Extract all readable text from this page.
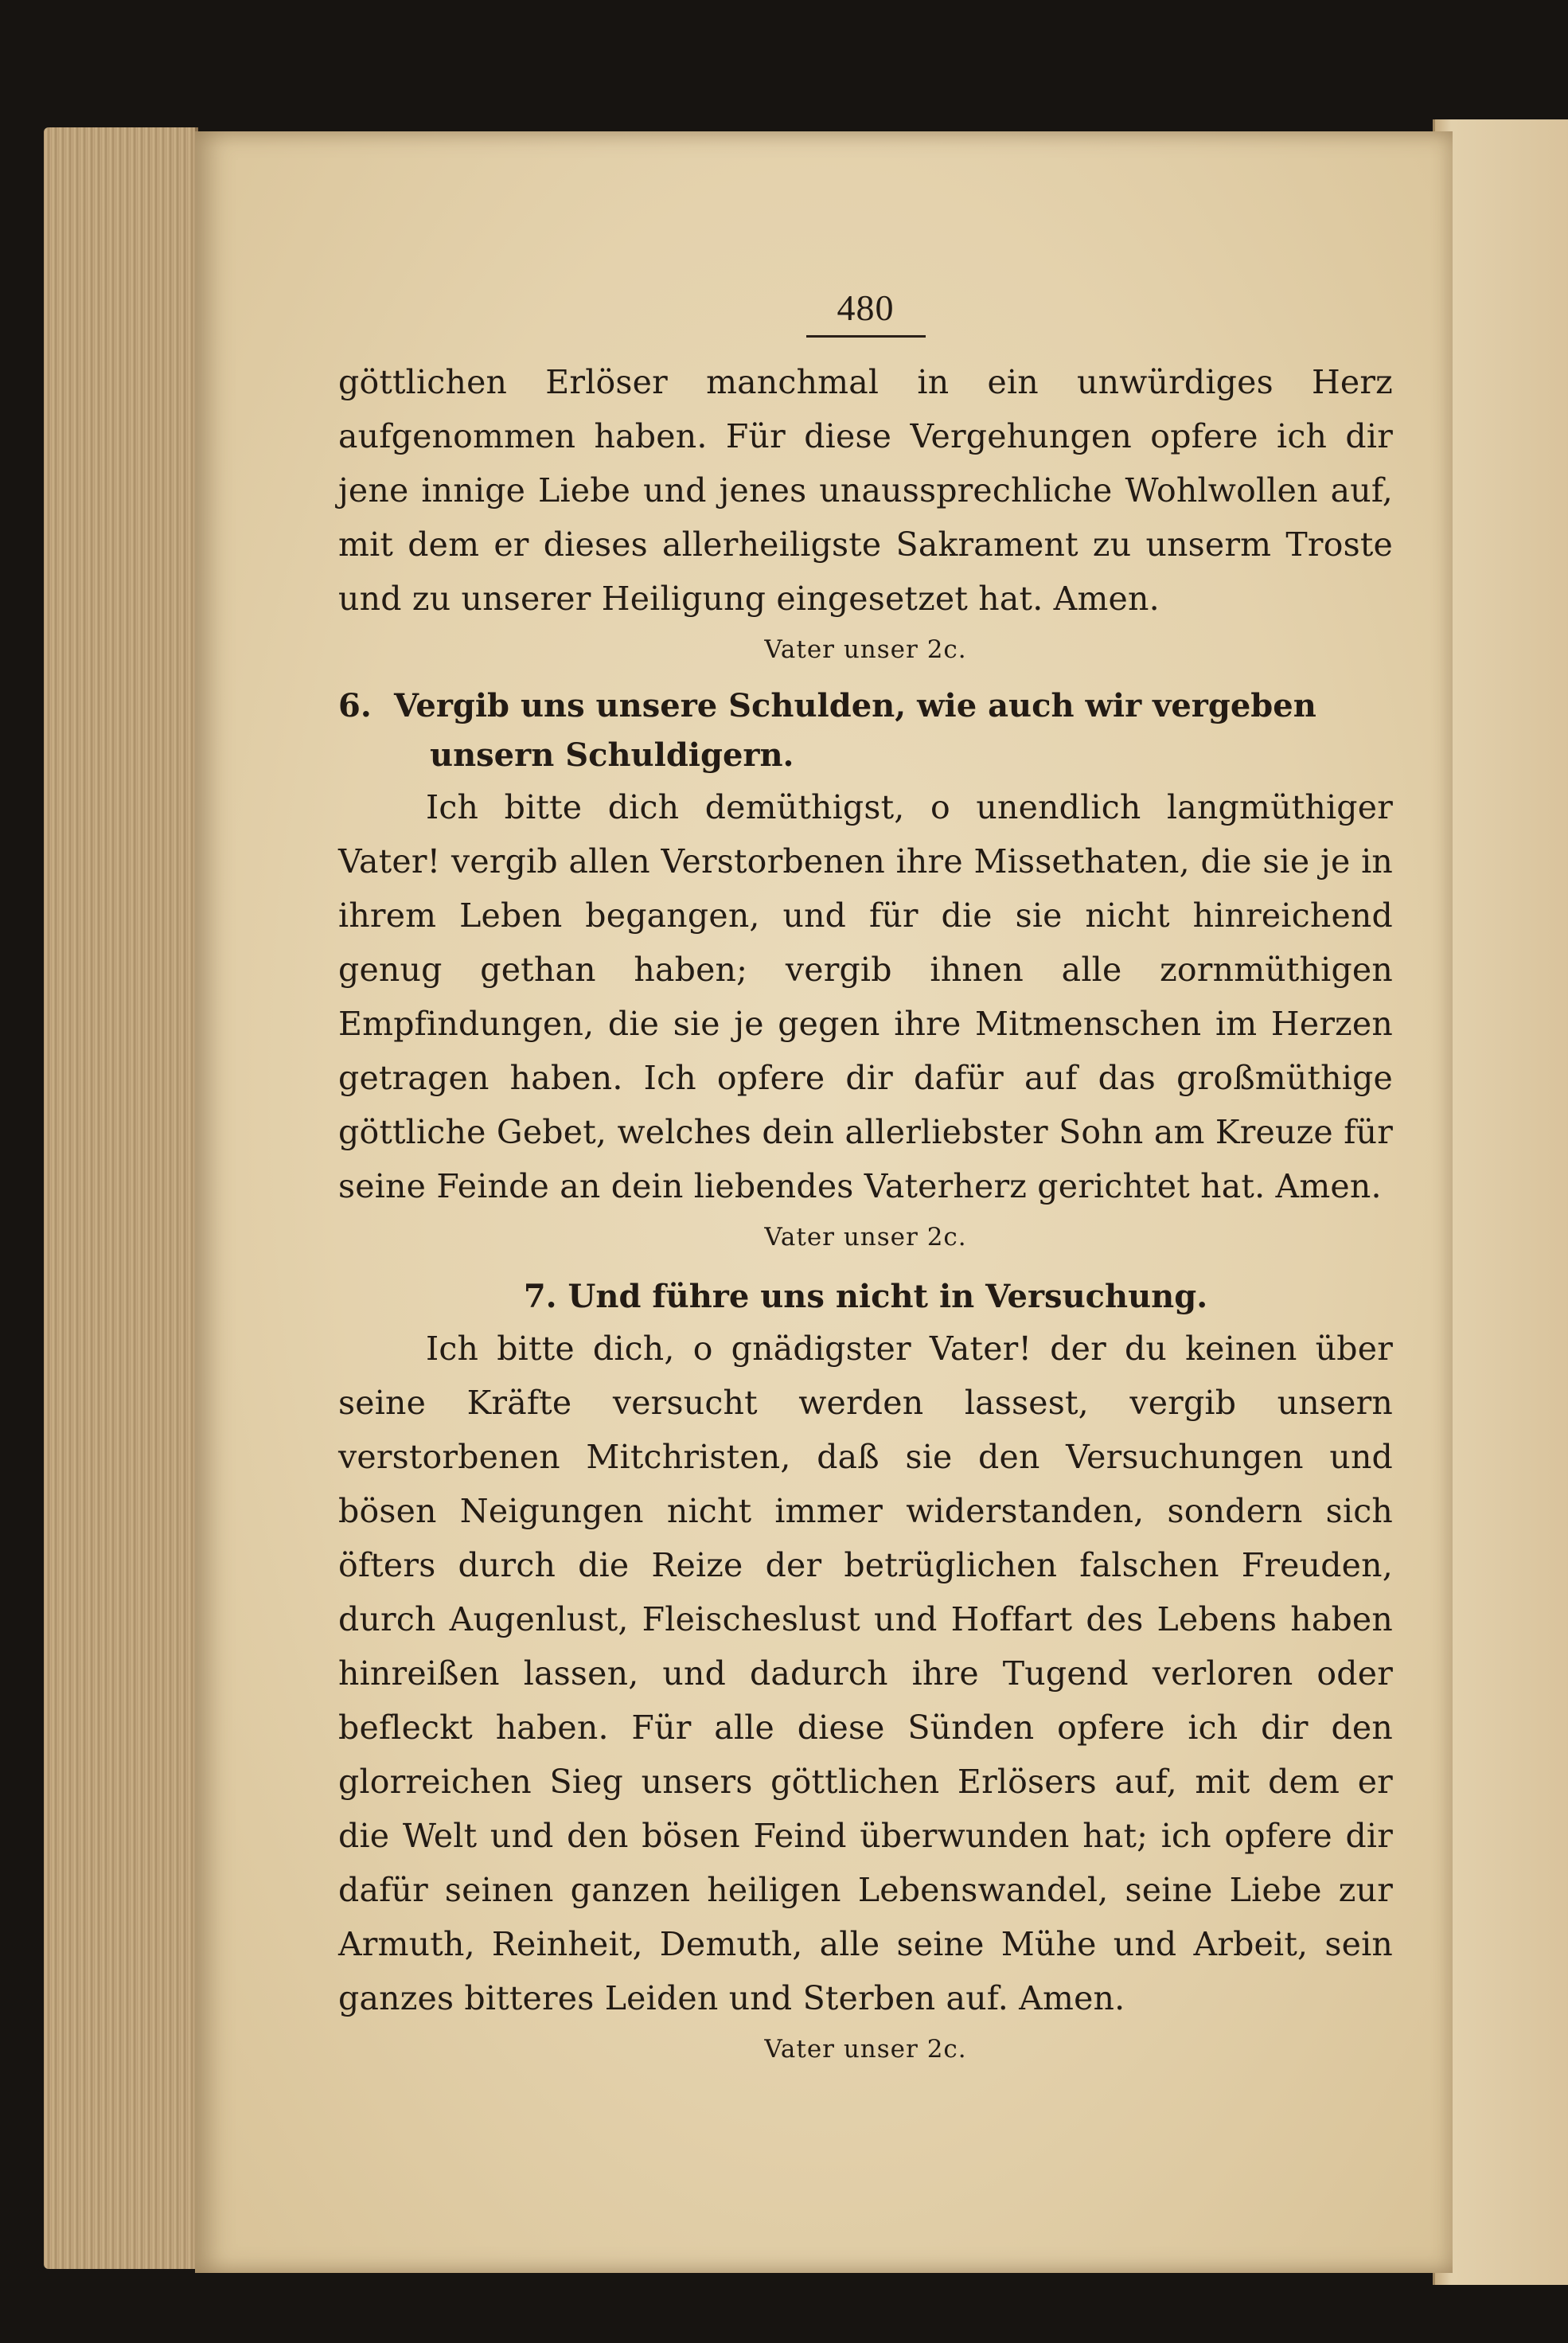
480

göttlichen Erlöser manchmal in ein unwürdiges Herz aufgenommen haben. Für diese Vergehungen opfere ich dir jene innige Liebe und jenes unaussprechliche Wohlwollen auf, mit dem er dieses allerheiligste Sakrament zu unserm Troste und zu unserer Heiligung eingesetzet hat. Amen.

Vater unser 2c.

6. Vergib uns unsere Schulden, wie auch wir vergeben unsern Schuldigern.

Ich bitte dich demüthigst, o unendlich langmüthiger Vater! vergib allen Verstorbenen ihre Missethaten, die sie je in ihrem Leben begangen, und für die sie nicht hinreichend genug gethan haben; vergib ihnen alle zornmüthigen Empfindungen, die sie je gegen ihre Mitmenschen im Herzen getragen haben. Ich opfere dir dafür auf das großmüthige göttliche Gebet, welches dein allerliebster Sohn am Kreuze für seine Feinde an dein liebendes Vaterherz gerichtet hat. Amen.

Vater unser 2c.

7. Und führe uns nicht in Versuchung.

Ich bitte dich, o gnädigster Vater! der du keinen über seine Kräfte versucht werden lassest, vergib unsern verstorbenen Mitchristen, daß sie den Versuchungen und bösen Neigungen nicht immer widerstanden, sondern sich öfters durch die Reize der betrüglichen falschen Freuden, durch Augenlust, Fleischeslust und Hoffart des Lebens haben hinreißen lassen, und dadurch ihre Tugend verloren oder befleckt haben. Für alle diese Sünden opfere ich dir den glorreichen Sieg unsers göttlichen Erlösers auf, mit dem er die Welt und den bösen Feind überwunden hat; ich opfere dir dafür seinen ganzen heiligen Lebenswandel, seine Liebe zur Armuth, Reinheit, Demuth, alle seine Mühe und Arbeit, sein ganzes bitteres Leiden und Sterben auf. Amen.

Vater unser 2c.
